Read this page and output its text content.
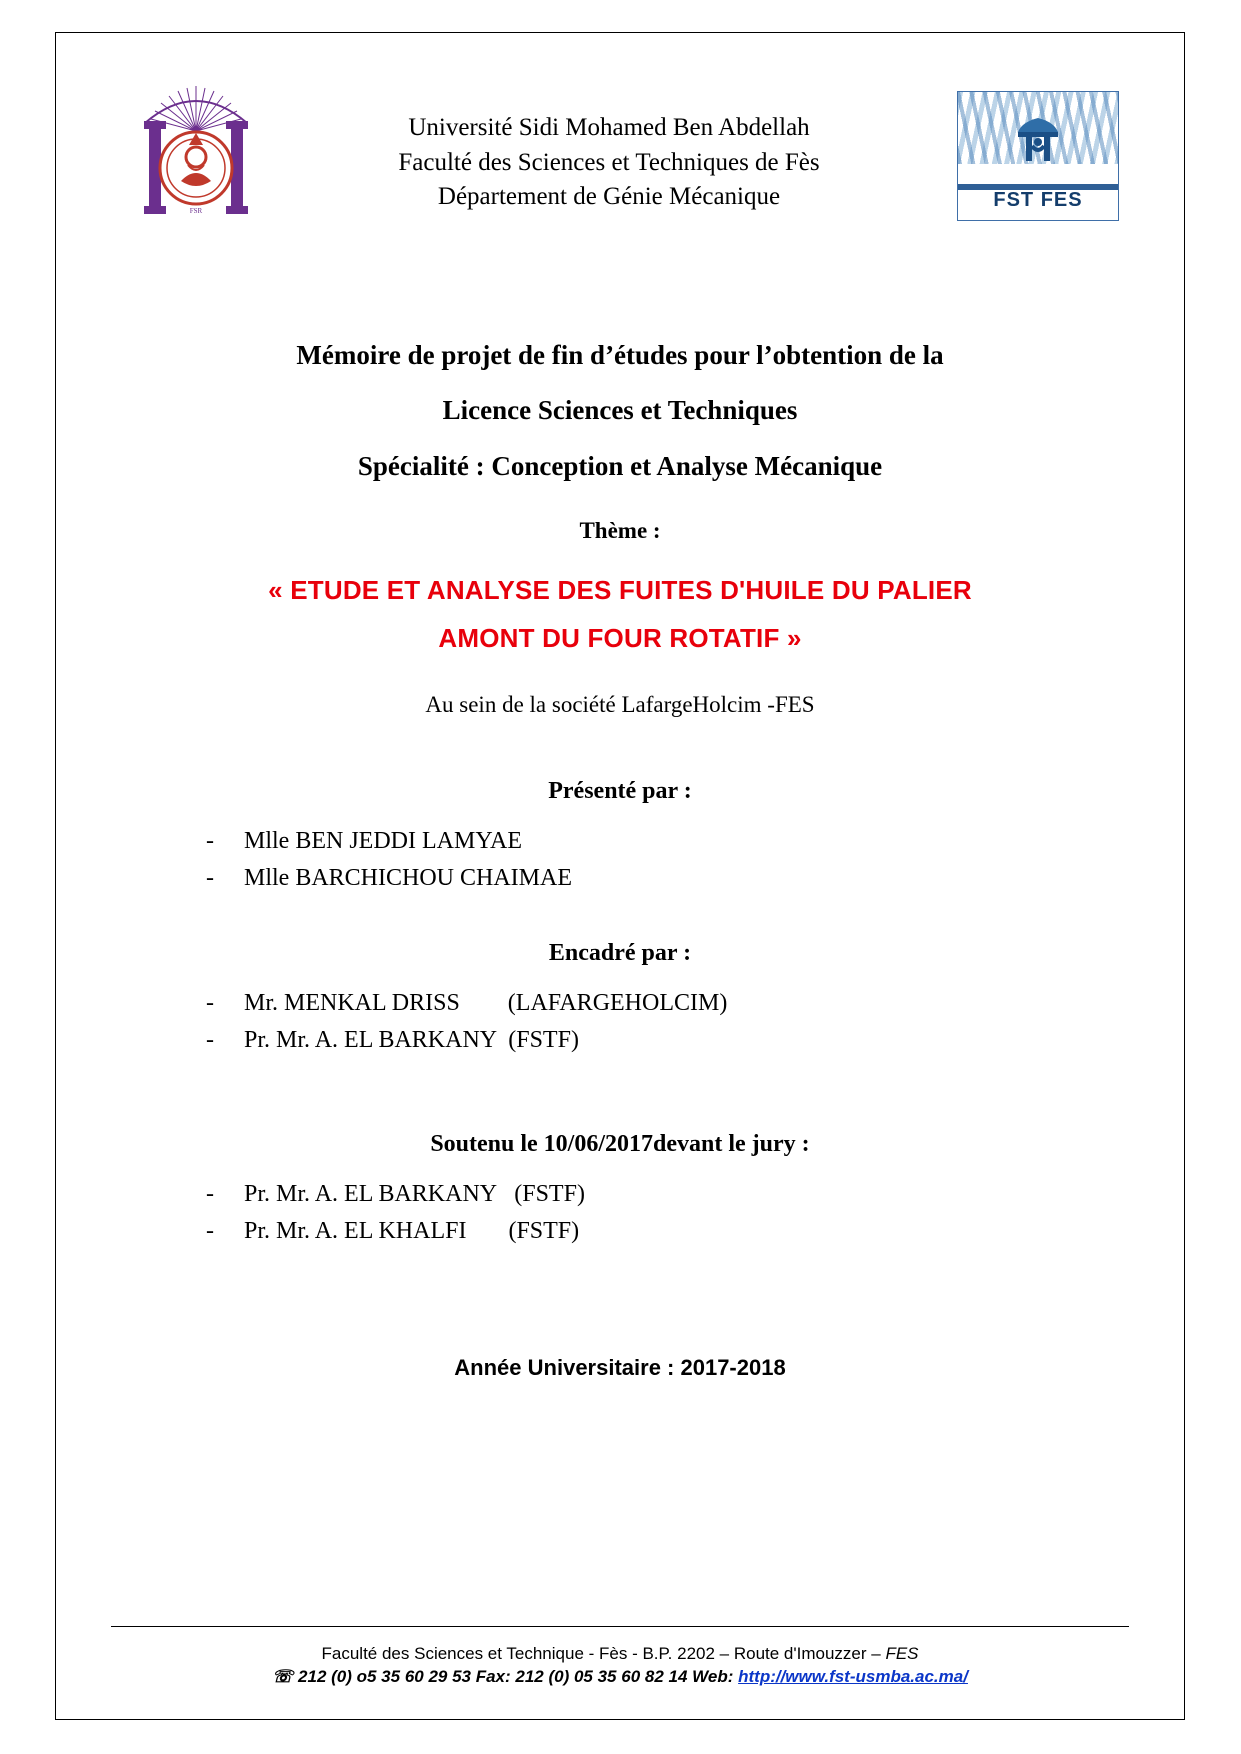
FSR
Université Sidi Mohamed Ben Abdellah
Faculté des Sciences et Techniques de Fès
Département de Génie Mécanique	FST FES
Mémoire de projet de fin d’études pour l’obtention de la
Licence Sciences et Techniques
Spécialité : Conception et Analyse Mécanique
Thème :
« ETUDE ET ANALYSE DES FUITES D'HUILE DU PALIER
AMONT DU FOUR ROTATIF »
Au sein de la société LafargeHolcim -FES
Présenté par :
- Mlle BEN JEDDI LAMYAE
- Mlle BARCHICHOU CHAIMAE
Encadré par :
- Mr. MENKAL DRISS        (LAFARGEHOLCIM)
- Pr. Mr. A. EL BARKANY  (FSTF)
Soutenu le 10/06/2017devant le jury :
- Pr. Mr. A. EL BARKANY   (FSTF)
- Pr. Mr. A. EL KHALFI       (FSTF)
Année Universitaire : 2017-2018
Faculté des Sciences et Technique - Fès - B.P. 2202 – Route d'Imouzzer – FES
☏ 212 (0) o5 35 60 29 53 Fax: 212 (0) 05 35 60 82 14 Web: http://www.fst-usmba.ac.ma/
